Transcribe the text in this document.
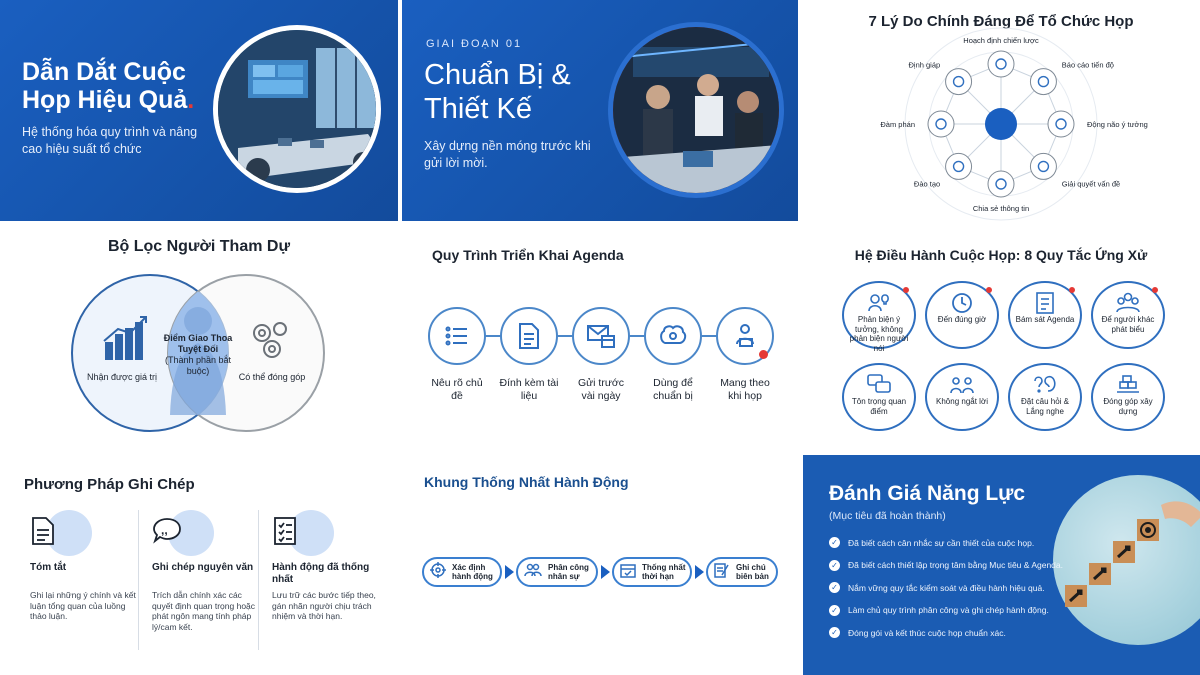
Dẫn Dắt Cuộc Họp Hiệu Quả.
Hệ thống hóa quy trình và nâng cao hiệu suất tổ chức
GIAI ĐOẠN 01
Chuẩn Bị & Thiết Kế
Xây dựng nền móng trước khi gửi lời mời.
7 Lý Do Chính Đáng Để Tổ Chức Họp
Hoạch định chiến lược
Báo cáo tiến độ
Động não ý tưởng
Giải quyết vấn đề
Chia sẻ thông tin
Đào tạo
Đàm phán
Định giáp
Bộ Lọc Người Tham Dự
Nhận được giá trị	Có thể đóng góp
Điểm Giao Thoa Tuyệt Đối
(Thành phần bắt buộc)
Quy Trình Triển Khai Agenda
Nêu rõ chủ đề
Đính kèm tài liệu
Gửi trước vài ngày
Dùng để chuẩn bị
Mang theo khi họp
Hệ Điều Hành Cuộc Họp: 8 Quy Tắc Ứng Xử
Phản biện ý tưởng, không phản biện người nói
Đến đúng giờ	Bám sát Agenda	Để người khác phát biểu
Tôn trọng quan điểm
Không ngắt lời	Đặt câu hỏi & Lắng nghe
Đóng góp xây dựng
Phương Pháp Ghi Chép
Tóm tắt
Ghi lại những ý chính và kết luận tổng quan của luồng thảo luận.
,,
Ghi chép nguyên văn
Trích dẫn chính xác các quyết định quan trọng hoặc phát ngôn mang tính pháp lý/cam kết.
Hành động đã thống nhất
Lưu trữ các bước tiếp theo, gán nhãn người chịu trách nhiệm và thời hạn.
Khung Thống Nhất Hành Động
Xác định hành động
Phân công nhân sự
Thống nhất thời hạn
Ghi chú biên bản
Đánh Giá Năng Lực
(Mục tiêu đã hoàn thành)
✓ Đã biết cách cân nhắc sự cần thiết của cuộc họp.
✓ Đã biết cách thiết lập trọng tâm bằng Mục tiêu & Agenda.
✓ Nắm vững quy tắc kiểm soát và điều hành hiệu quả.
✓ Làm chủ quy trình phân công và ghi chép hành động.
✓ Đóng gói và kết thúc cuộc họp chuẩn xác.
